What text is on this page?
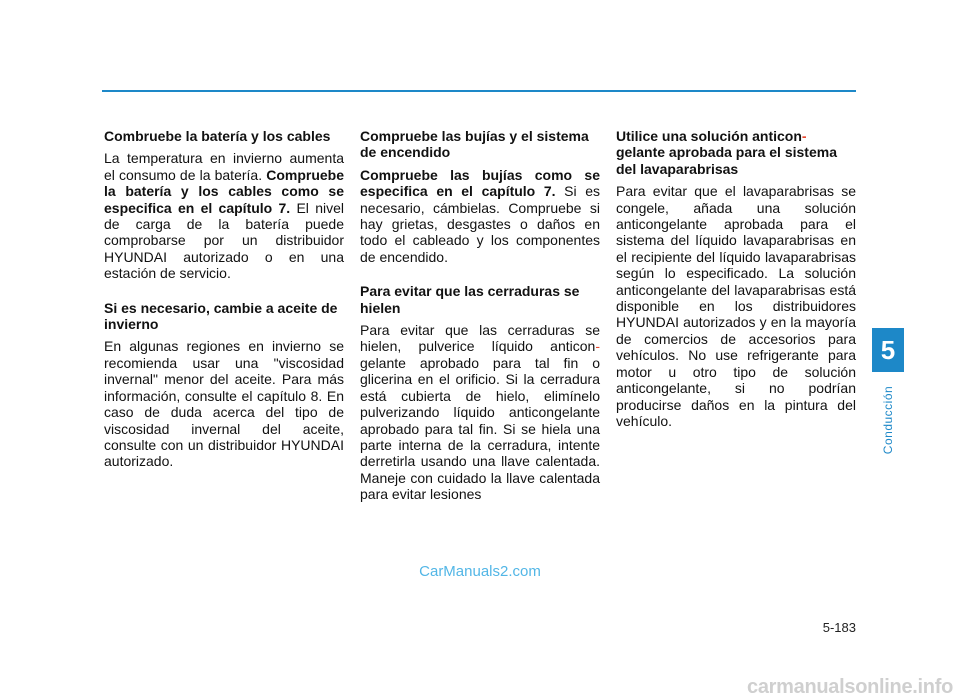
Combruebe la batería y los cables

La temperatura en invierno aumenta el consumo de la batería. Compruebe la batería y los cables como se especifica en el capítulo 7. El nivel de carga de la batería puede comprobarse por un distribuidor HYUNDAI autorizado o en una estación de servicio.

Si es necesario, cambie a aceite de invierno

En algunas regiones en invierno se recomienda usar una "viscosidad invernal" menor del aceite. Para más información, consulte el capítulo 8. En caso de duda acerca del tipo de viscosidad invernal del aceite, consulte con un distribuidor HYUNDAI autorizado.

Compruebe las bujías y el sistema de encendido

Compruebe las bujías como se especifica en el capítulo 7. Si es necesario, cámbielas. Compruebe si hay grietas, desgastes o daños en todo el cableado y los componentes de encendido.

Para evitar que las cerraduras se hielen

Para evitar que las cerraduras se hielen, pulverice líquido anticon- gelante aprobado para tal fin o glicerina en el orificio. Si la cerradura está cubierta de hielo, elimínelo pulverizando líquido anticongelante aprobado para tal fin. Si se hiela una parte interna de la cerradura, intente derretirla usando una llave calentada. Maneje con cuidado la llave calentada para evitar lesiones

Utilice una solución anticon- gelante aprobada para el sistema del lavaparabrisas

Para evitar que el lavaparabrisas se congele, añada una solución anticongelante aprobada para el sistema del líquido lavaparabrisas en el recipiente del líquido lavaparabrisas según lo especificado. La solución anticongelante del lavaparabrisas está disponible en los distribuidores HYUNDAI autorizados y en la mayoría de comercios de accesorios para vehículos. No use refrigerante para motor u otro tipo de solución anticongelante, si no podrían producirse daños en la pintura del vehículo.

5
Conducción
CarManuals2.com
5-183
carmanualsonline.info
